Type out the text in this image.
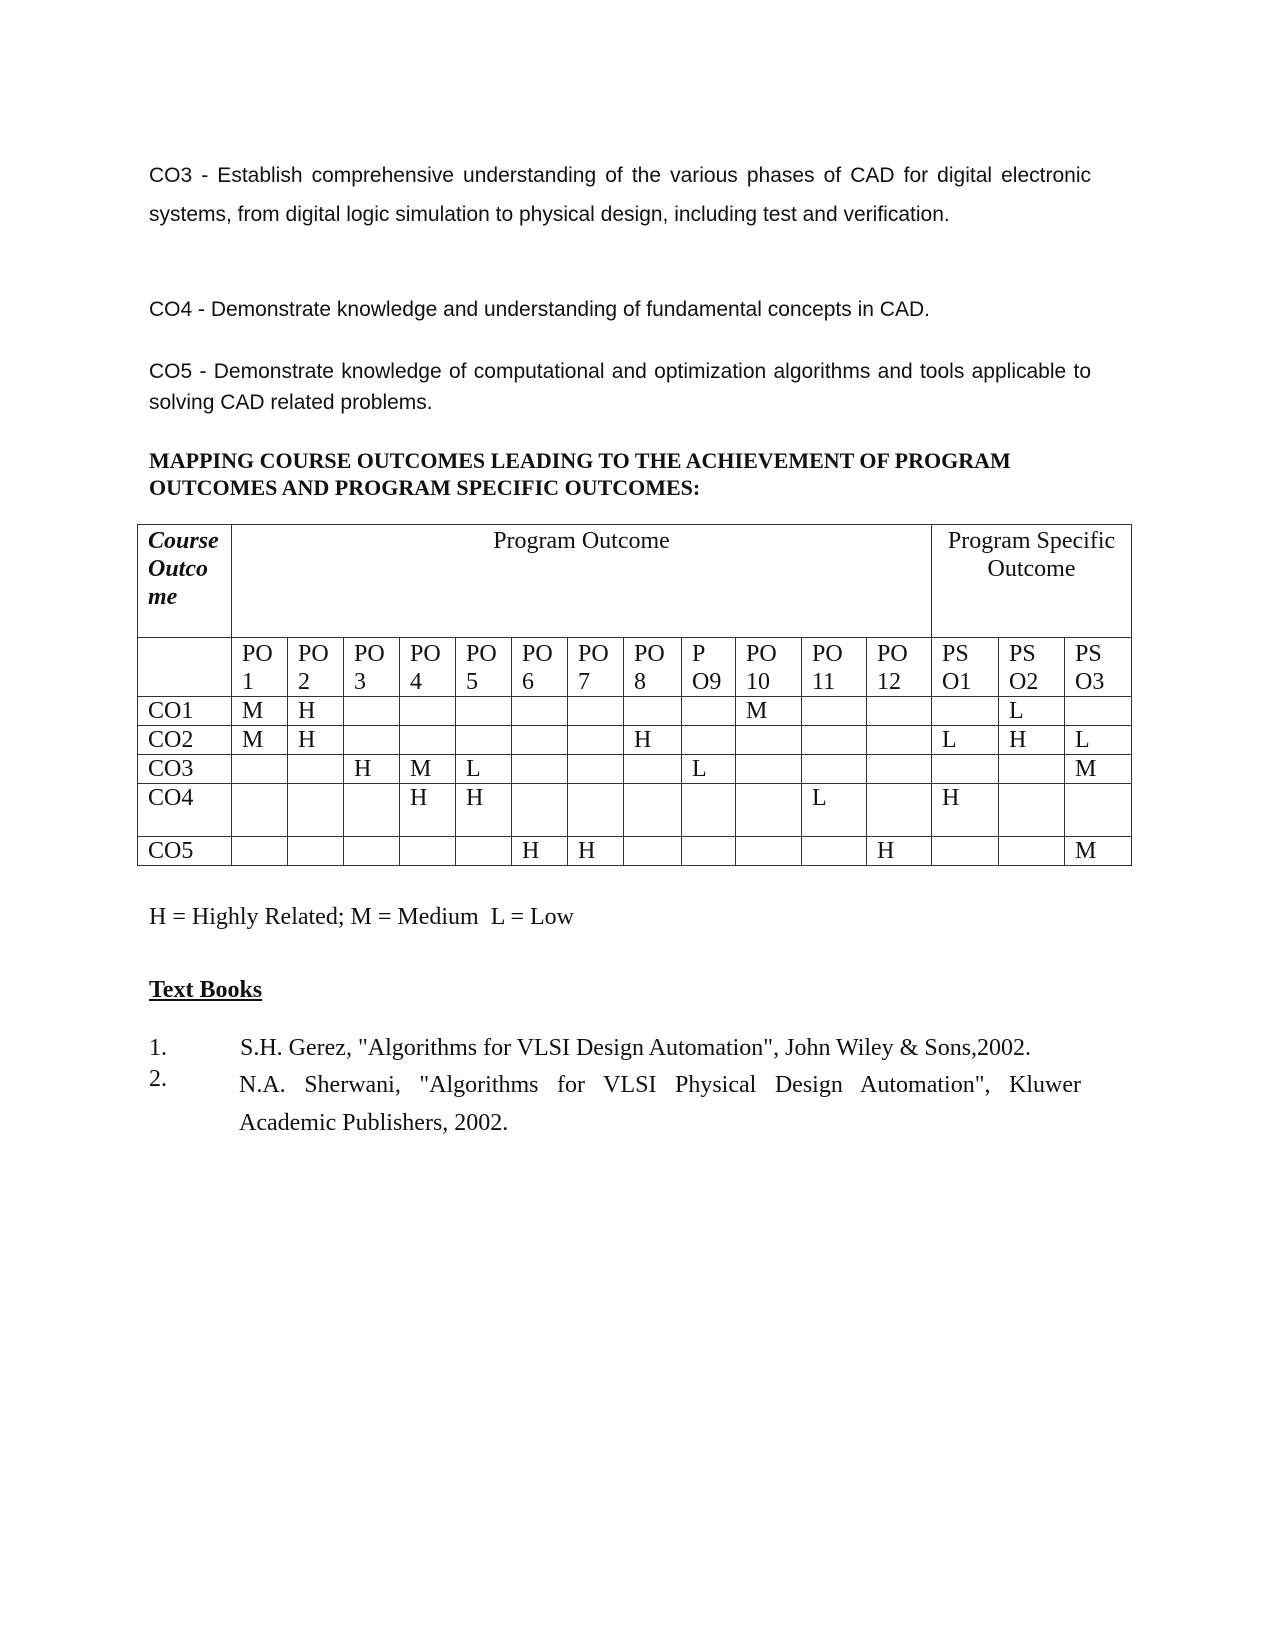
CO3 - Establish comprehensive understanding of the various phases of CAD for digital electronic systems, from digital logic simulation to physical design, including test and verification.

CO4 - Demonstrate knowledge and understanding of fundamental concepts in CAD.

CO5 - Demonstrate knowledge of computational and optimization algorithms and tools applicable to solving CAD related problems.

MAPPING COURSE OUTCOMES LEADING TO THE ACHIEVEMENT OF PROGRAM OUTCOMES AND PROGRAM SPECIFIC OUTCOMES:

Course Outcome	Program Outcome												Program Specific Outcome		
	PO 1	PO 2	PO 3	PO 4	PO 5	PO 6	PO 7	PO 8	P O9	PO 10	PO 11	PO 12	PS O1	PS O2	PS O3
CO1	M	H								M				L	
CO2	M	H						H					L	H	L
CO3			H	M	L				L						M
CO4				H	H						L		H		
CO5						H	H					H			M

H = Highly Related; M = Medium  L = Low

Text Books

1.	S.H. Gerez, "Algorithms for VLSI Design Automation", John Wiley & Sons,2002.
2.	N.A. Sherwani, "Algorithms for VLSI Physical Design Automation", Kluwer Academic Publishers, 2002.
